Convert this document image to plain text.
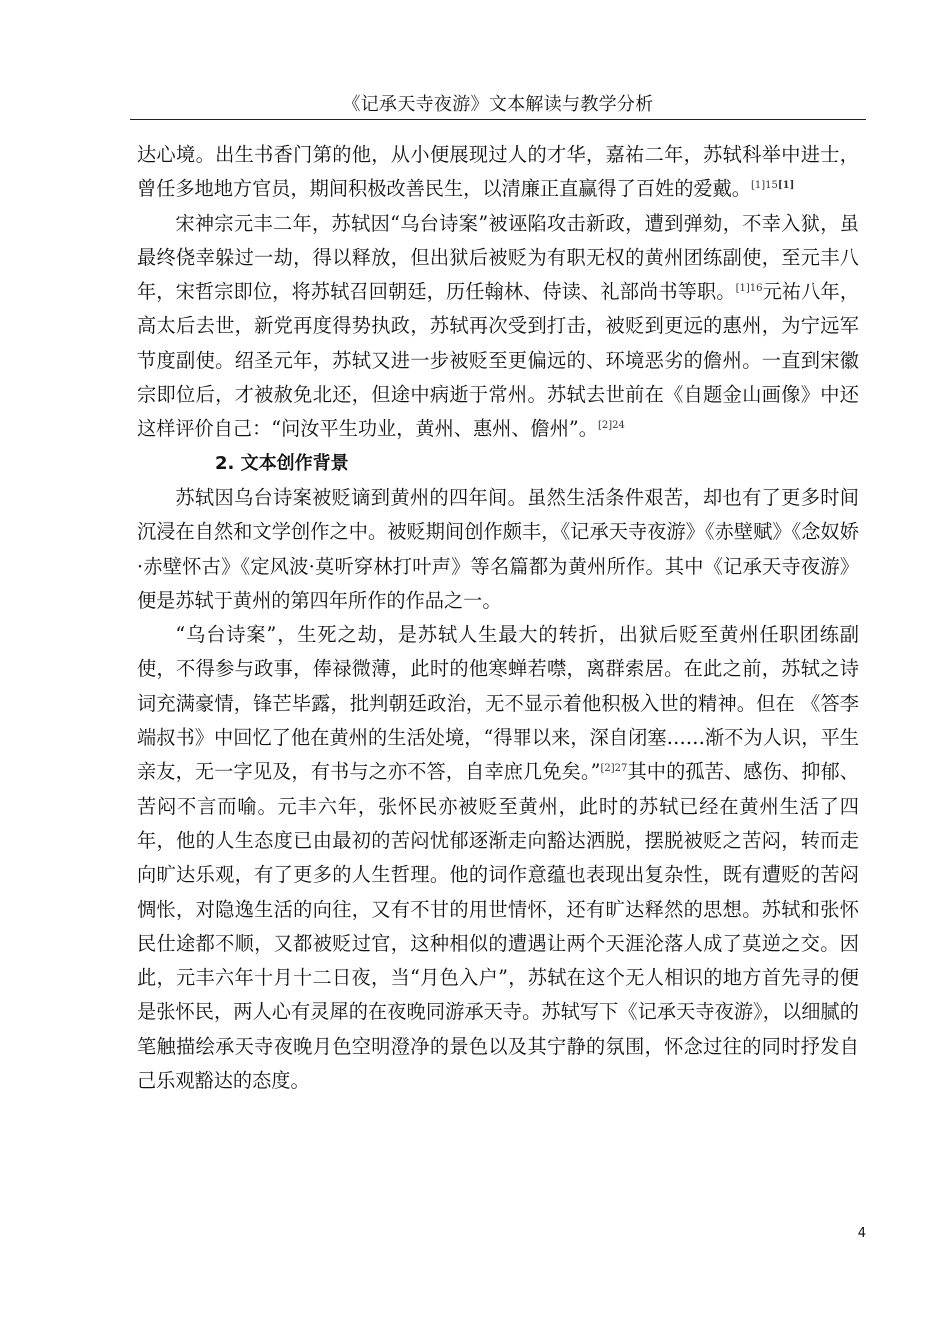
《记承天寺夜游》文本解读与教学分析

达心境。出生书香门第的他，从小便展现过人的才华，嘉祐二年，苏轼科举中进士，曾任多地地方官员，期间积极改善民生，以清廉正直赢得了百姓的爱戴。[1]15[1]

宋神宗元丰二年，苏轼因“乌台诗案”被诬陷攻击新政，遭到弹劾，不幸入狱，虽最终侥幸躲过一劫，得以释放，但出狱后被贬为有职无权的黄州团练副使，至元丰八年，宋哲宗即位，将苏轼召回朝廷，历任翰林、侍读、礼部尚书等职。$^{[1]16}$元祐八年，高太后去世，新党再度得势执政，苏轼再次受到打击，被贬到更远的惠州，为宁远军节度副使。绍圣元年，苏轼又进一步被贬至更偏远的、环境恶劣的儋州。一直到宋徽宗即位后，才被赦免北还，但途中病逝于常州。苏轼去世前在《自题金山画像》中还这样评价自己：“问汝平生功业，黄州、惠州、儋州”。$^{[2]24}$

2. 文本创作背景

苏轼因乌台诗案被贬谪到黄州的四年间。虽然生活条件艰苦，却也有了更多时间沉浸在自然和文学创作之中。被贬期间创作颇丰，《记承天寺夜游》《赤壁赋》《念奴娇·赤壁怀古》《定风波·莫听穿林打叶声》等名篇都为黄州所作。其中《记承天寺夜游》便是苏轼于黄州的第四年所作的作品之一。

“乌台诗案”，生死之劫，是苏轼人生最大的转折，出狱后贬至黄州任职团练副使，不得参与政事，俸禄微薄，此时的他寒蝉若噤，离群索居。在此之前，苏轼之诗词充满豪情，锋芒毕露，批判朝廷政治，无不显示着他积极入世的精神。但在 《答李端叔书》中回忆了他在黄州的生活处境，“得罪以来，深自闭塞……渐不为人识，平生亲友，无一字见及，有书与之亦不答，自幸庶几免矣。”$^{[2]27}$其中的孤苦、感伤、抑郁、苦闷不言而喻。元丰六年，张怀民亦被贬至黄州，此时的苏轼已经在黄州生活了四年，他的人生态度已由最初的苦闷忧郁逐渐走向豁达洒脱，摆脱被贬之苦闷，转而走向旷达乐观，有了更多的人生哲理。他的词作意蕴也表现出复杂性，既有遭贬的苦闷惆怅，对隐逸生活的向往，又有不甘的用世情怀，还有旷达释然的思想。苏轼和张怀民仕途都不顺，又都被贬过官，这种相似的遭遇让两个天涯沦落人成了莫逆之交。因此，元丰六年十月十二日夜，当“月色入户”，苏轼在这个无人相识的地方首先寻的便是张怀民，两人心有灵犀的在夜晚同游承天寺。苏轼写下《记承天寺夜游》，以细腻的笔触描绘承天寺夜晚月色空明澄净的景色以及其宁静的氛围，怀念过往的同时抒发自己乐观豁达的态度。

4
